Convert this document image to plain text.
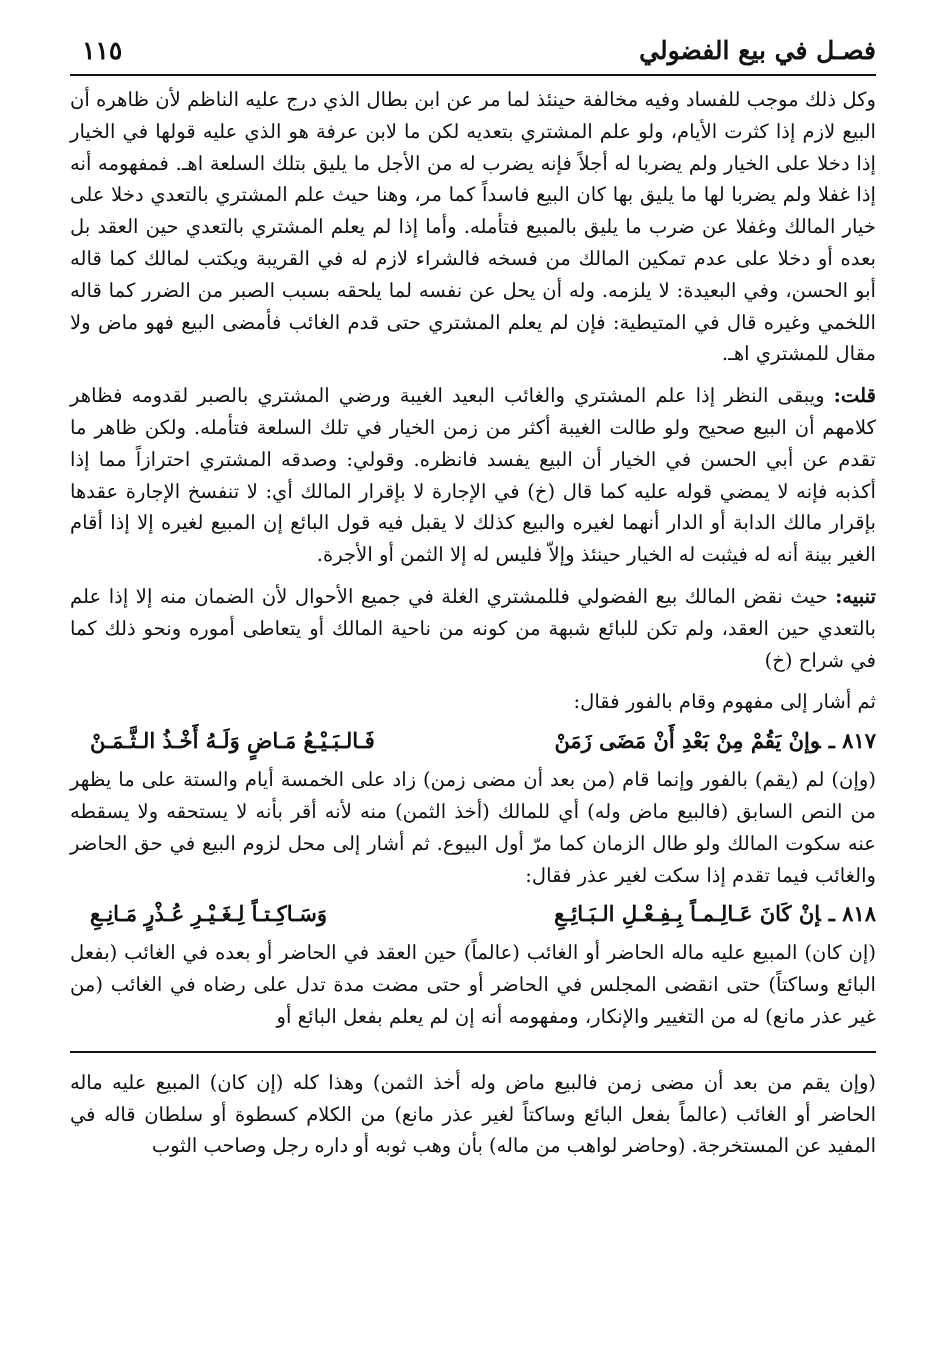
فصـل في بيع الفضولي
١١٥

وكل ذلك موجب للفساد وفيه مخالفة حينئذ لما مر عن ابن بطال الذي درج عليه الناظم لأن ظاهره أن البيع لازم إذا كثرت الأيام، ولو علم المشتري بتعديه لكن ما لابن عرفة هو الذي عليه قولها في الخيار إذا دخلا على الخيار ولم يضربا له أجلاً فإنه يضرب له من الأجل ما يليق بتلك السلعة اهـ. فمفهومه أنه إذا غفلا ولم يضربا لها ما يليق بها كان البيع فاسداً كما مر، وهنا حيث علم المشتري بالتعدي دخلا على خيار المالك وغفلا عن ضرب ما يليق بالمبيع فتأمله. وأما إذا لم يعلم المشتري بالتعدي حين العقد بل بعده أو دخلا على عدم تمكين المالك من فسخه فالشراء لازم له في القريبة ويكتب لمالك كما قاله أبو الحسن، وفي البعيدة: لا يلزمه. وله أن يحل عن نفسه لما يلحقه بسبب الصبر من الضرر كما قاله اللخمي وغيره قال في المتيطية: فإن لم يعلم المشتري حتى قدم الغائب فأمضى البيع فهو ماض ولا مقال للمشتري اهـ.

قلت: ويبقى النظر إذا علم المشتري والغائب البعيد الغيبة ورضي المشتري بالصبر لقدومه فظاهر كلامهم أن البيع صحيح ولو طالت الغيبة أكثر من زمن الخيار في تلك السلعة فتأمله. ولكن ظاهر ما تقدم عن أبي الحسن في الخيار أن البيع يفسد فانظره. وقولي: وصدقه المشتري احترازاً مما إذا أكذبه فإنه لا يمضي قوله عليه كما قال (خ) في الإجارة لا بإقرار المالك أي: لا تنفسخ الإجارة عقدها بإقرار مالك الدابة أو الدار أنهما لغيره والبيع كذلك لا يقبل فيه قول البائع إن المبيع لغيره إلا إذا أقام الغير بينة أنه له فيثبت له الخيار حينئذ وإلاّ فليس له إلا الثمن أو الأجرة.

تنبيه: حيث نقض المالك بيع الفضولي فللمشتري الغلة في جميع الأحوال لأن الضمان منه إلا إذا علم بالتعدي حين العقد، ولم تكن للبائع شبهة من كونه من ناحية المالك أو يتعاطى أموره ونحو ذلك كما في شراح (خ)

ثم أشار إلى مفهوم وقام بالفور فقال:

٨١٧ ـوإنْ يَقُمْ مِنْ بَعْدِ أَنْ مَضَى زَمَنْ
فَـالـبَـيْـعُ مَـاضٍ وَلَـهُ أَخْـذُ الـثَّـمَـنْ

(وإن) لم (يقم) بالفور وإنما قام (من بعد أن مضى زمن) زاد على الخمسة أيام والستة على ما يظهر من النص السابق (فالبيع ماض وله) أي للمالك (أخذ الثمن) منه لأنه أقر بأنه لا يستحقه ولا يسقطه عنه سكوت المالك ولو طال الزمان كما مرّ أول البيوع. ثم أشار إلى محل لزوم البيع في حق الحاضر والغائب فيما تقدم إذا سكت لغير عذر فقال:

٨١٨ ـإنْ كَانَ عَـالِـمـاً بِـفِـعْـلِ الـبَـائِـعِ
وَسَـاكِـتـاً لِـغَـيْـرِ عُـذْرٍ مَـانِـعِ

(إن كان) المبيع عليه ماله الحاضر أو الغائب (عالماً) حين العقد في الحاضر أو بعده في الغائب (بفعل البائع وساكتاً) حتى انقضى المجلس في الحاضر أو حتى مضت مدة تدل على رضاه في الغائب (من غير عذر مانع) له من التغيير والإنكار، ومفهومه أنه إن لم يعلم بفعل البائع أو

(وإن يقم من بعد أن مضى زمن فالبيع ماض وله أخذ الثمن) وهذا كله (إن كان) المبيع عليه ماله الحاضر أو الغائب (عالماً بفعل البائع وساكتاً لغير عذر مانع) من الكلام كسطوة أو سلطان قاله في المفيد عن المستخرجة. (وحاضر لواهب من ماله) بأن وهب ثوبه أو داره رجل وصاحب الثوب
